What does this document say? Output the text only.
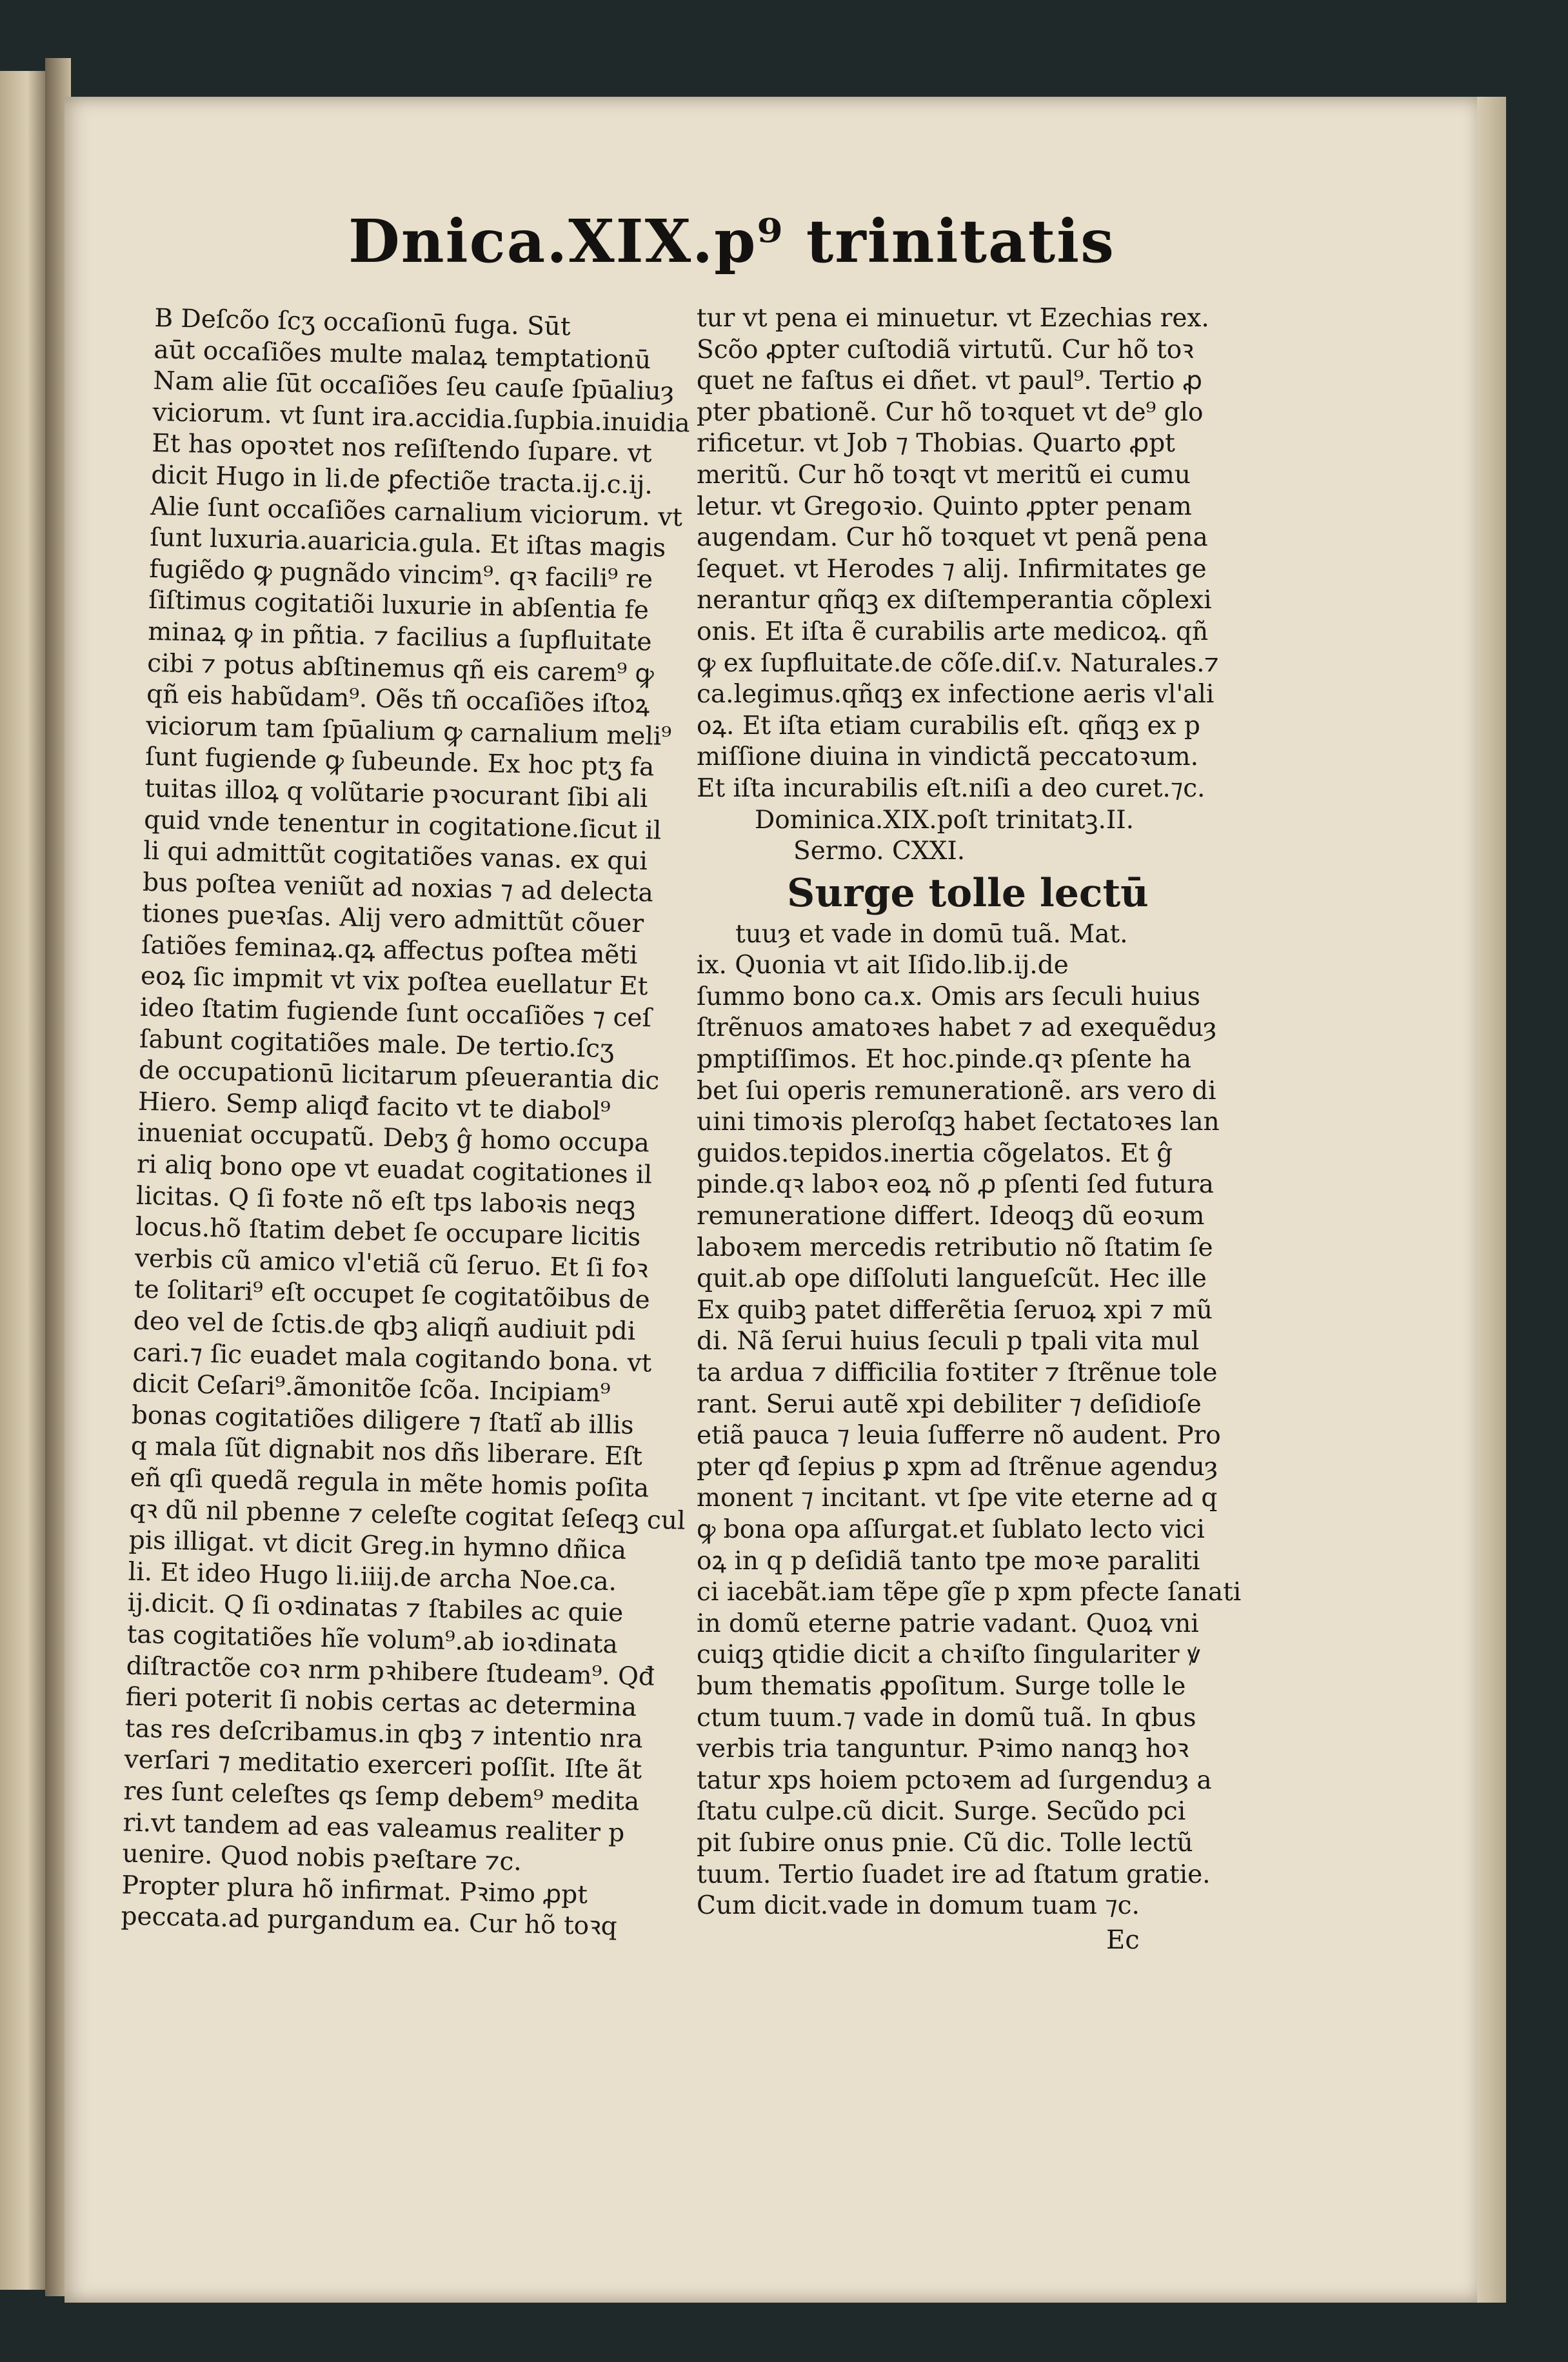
Dnica.XIX.p⁹ trinitatis
B Deſcõo ſcʒ occaſionū fuga. Sūt
aūt occaſiões multe malaꝝ temptationū
Nam alie ſūt occaſiões ſeu cauſe ſpūaliuȝ
viciorum. vt ſunt ira.accidia.ſupbia.inuidia
Et has opoꝛtet nos reſiſtendo ſupare. vt
dicit Hugo in li.de ꝑfectiõe tracta.ij.c.ij.
Alie ſunt occaſiões carnalium viciorum. vt
ſunt luxuria.auaricia.gula. Et iſtas magis
fugiẽdo ꝙ pugnãdo vincim⁹. qꝛ facili⁹ re
ſiſtimus cogitatiõi luxurie in abſentia fe
minaꝝ ꝙ in pñtia. ⁊ facilius a ſupfluitate
cibi ⁊ potus abſtinemus qñ eis carem⁹ ꝙ
qñ eis habũdam⁹. Oẽs tñ occaſiões iſtoꝝ
viciorum tam ſpūalium ꝙ carnalium meli⁹
ſunt fugiende ꝙ ſubeunde. Ex hoc ptʒ fa
tuitas illoꝝ q volũtarie pꝛocurant ſibi ali
quid vnde tenentur in cogitatione.ſicut il
li qui admittũt cogitatiões vanas. ex qui
bus poſtea veniũt ad noxias ⁊ ad delecta
tiones pueꝛſas. Alij vero admittũt cõuer
ſatiões feminaꝝ.qꝝ affectus poſtea mẽti
eoꝝ ſic impmit vt vix poſtea euellatur Et
ideo ſtatim fugiende ſunt occaſiões ⁊ ceſ
ſabunt cogitatiões male. De tertio.ſcʒ
de occupationū licitarum pſeuerantia dic
Hiero. Semp aliqđ facito vt te diabol⁹
inueniat occupatũ. Debʒ ĝ homo occupa
ri aliq bono ope vt euadat cogitationes il
licitas. Q ſi foꝛte nõ eſt tps laboꝛis neqꝫ
locus.hõ ſtatim debet ſe occupare licitis
verbis cũ amico vl'etiã cũ ſeruo. Et ſi foꝛ
te ſolitari⁹ eſt occupet ſe cogitatõibus de
deo vel de ſctis.de qbꝫ aliqñ audiuit pdi
cari.⁊ ſic euadet mala cogitando bona. vt
dicit Ceſari⁹.ãmonitõe ſcõa. Incipiam⁹
bonas cogitatiões diligere ⁊ ſtatĩ ab illis
q mala ſũt dignabit nos dñs liberare. Eſt
eñ qſi quedã regula in mẽte homis poſita
qꝛ dũ nil pbenne ⁊ celeſte cogitat ſeſeqꝫ cul
pis illigat. vt dicit Greg.in hymno dñica
li. Et ideo Hugo li.iiij.de archa Noe.ca.
ij.dicit. Q ſi oꝛdinatas ⁊ ſtabiles ac quie
tas cogitatiões hĩe volum⁹.ab ioꝛdinata
diſtractõe coꝛ nrm pꝛhibere ſtudeam⁹. Qđ
fieri poterit ſi nobis certas ac determina
tas res deſcribamus.in qbꝫ ⁊ intentio nra
verſari ⁊ meditatio exerceri poſſit. Iſte ãt
res ſunt celeſtes qs ſemp debem⁹ medita
ri.vt tandem ad eas valeamus realiter p
uenire. Quod nobis pꝛeſtare ⁊c.
Propter plura hõ infirmat. Pꝛimo ꝓpt
peccata.ad purgandum ea. Cur hõ toꝛq
tur vt pena ei minuetur. vt Ezechias rex.
Scõo ꝓpter cuſtodiã virtutũ. Cur hõ toꝛ
quet ne faſtus ei dñet. vt paul⁹. Tertio ꝓ
pter pbationẽ. Cur hõ toꝛquet vt de⁹ glo
rificetur. vt Job ⁊ Thobias. Quarto ꝓpt
meritũ. Cur hõ toꝛqt vt meritũ ei cumu
letur. vt Gregoꝛio. Quinto ꝓpter penam
augendam. Cur hõ toꝛquet vt penã pena
ſequet. vt Herodes ⁊ alij. Infirmitates ge
nerantur qñqꝫ ex diſtemperantia cõplexi
onis. Et iſta ẽ curabilis arte medicoꝝ. qñ
ꝙ ex ſupfluitate.de cõſe.diſ.v. Naturales.⁊
ca.legimus.qñqꝫ ex infectione aeris vl'ali
oꝝ. Et iſta etiam curabilis eſt. qñqꝫ ex p
miſſione diuina in vindictã peccatoꝛum.
Et iſta incurabilis eſt.niſi a deo curet.⁊c.
Dominica.XIX.poſt trinitatꝫ.II.
Sermo. CXXI.
Surge tolle lectū
tuuȝ et vade in domū tuã. Mat.
ix. Quonia vt ait Iſido.lib.ij.de
ſummo bono ca.x. Omis ars ſeculi huius
ſtrẽnuos amatoꝛes habet ⁊ ad exequẽduȝ
pmptiſſimos. Et hoc.pinde.qꝛ pſente ha
bet ſui operis remunerationẽ. ars vero di
uini timoꝛis pleroſqꝫ habet ſectatoꝛes lan
guidos.tepidos.inertia cõgelatos. Et ĝ
pinde.qꝛ laboꝛ eoꝝ nõ ꝓ pſenti ſed futura
remuneratione differt. Ideoqꝫ dũ eoꝛum
laboꝛem mercedis retributio nõ ſtatim ſe
quit.ab ope diſſoluti langueſcũt. Hec ille
Ex quibꝫ patet differẽtia ſeruoꝝ xpi ⁊ mũ
di. Nã ſerui huius ſeculi p tpali vita mul
ta ardua ⁊ difficilia foꝛtiter ⁊ ſtrẽnue tole
rant. Serui autẽ xpi debiliter ⁊ deſidioſe
etiã pauca ⁊ leuia ſufferre nõ audent. Pro
pter qđ ſepius ꝑ xpm ad ſtrẽnue agenduȝ
monent ⁊ incitant. vt ſpe vite eterne ad q
ꝙ bona opa aſſurgat.et ſublato lecto vici
oꝝ in q p deſidiã tanto tpe moꝛe paraliti
ci iacebãt.iam tẽpe gĩe p xpm pfecte ſanati
in domũ eterne patrie vadant. Quoꝝ vni
cuiqꝫ qtidie dicit a chꝛiſto ſingulariter ꝟ
bum thematis ꝓpoſitum. Surge tolle le
ctum tuum.⁊ vade in domũ tuã. In qbus
verbis tria tanguntur. Pꝛimo nanqꝫ hoꝛ
tatur xps hoiem pctoꝛem ad ſurgenduȝ a
ſtatu culpe.cũ dicit. Surge. Secũdo pci
pit ſubire onus pnie. Cũ dic. Tolle lectũ
tuum. Tertio ſuadet ire ad ſtatum gratie.
Cum dicit.vade in domum tuam ⁊c.
Ec
